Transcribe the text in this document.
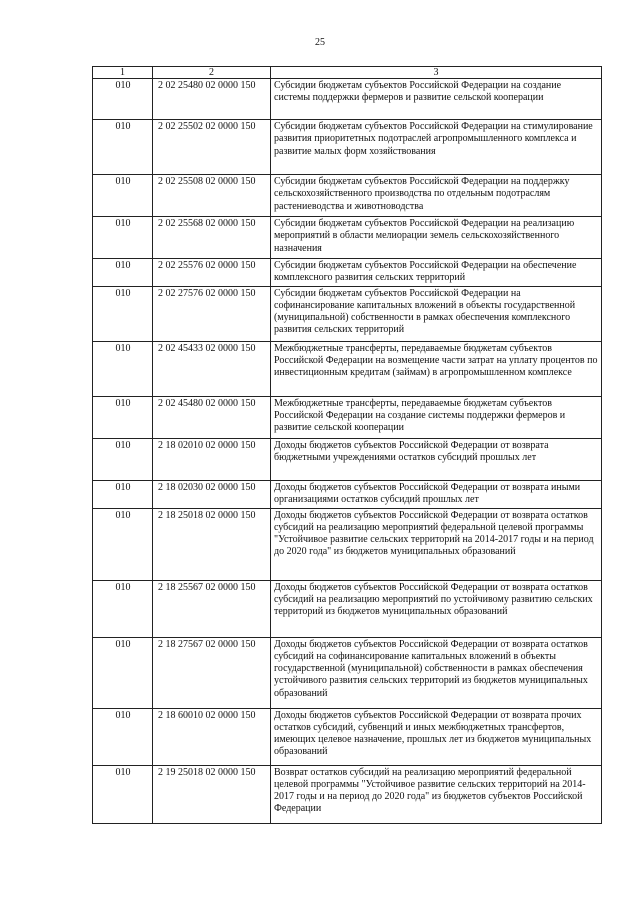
25
1	2	3
010	2 02 25480 02 0000 150	Субсидии бюджетам субъектов Российской Федерации на создание системы поддержки фермеров и развитие сельской кооперации
010	2 02 25502 02 0000 150	Субсидии бюджетам субъектов Российской Федерации на стимулирование развития приоритетных подотраслей агропромышленного комплекса и развитие малых форм хозяйствования
010	2 02 25508 02 0000 150	Субсидии бюджетам субъектов Российской Федерации на поддержку сельскохозяйственного производства по отдельным подотраслям растениеводства и животноводства
010	2 02 25568 02 0000 150	Субсидии бюджетам субъектов Российской Федерации на реализацию мероприятий в области мелиорации земель сельскохозяйственного назначения
010	2 02 25576 02 0000 150	Субсидии бюджетам субъектов Российской Федерации на обеспечение комплексного развития сельских территорий
010	2 02 27576 02 0000 150	Субсидии бюджетам субъектов Российской Федерации на софинансирование капитальных вложений в объекты государственной (муниципальной) собственности в рамках обеспечения комплексного развития сельских территорий
010	2 02 45433 02 0000 150	Межбюджетные трансферты, передаваемые бюджетам субъектов Российской Федерации на возмещение части затрат на уплату процентов по инвестиционным кредитам (займам) в агропромышленном комплексе
010	2 02 45480 02 0000 150	Межбюджетные трансферты, передаваемые бюджетам субъектов Российской Федерации на создание системы поддержки фермеров и развитие сельской кооперации
010	2 18 02010 02 0000 150	Доходы бюджетов субъектов Российской Федерации от возврата бюджетными учреждениями остатков субсидий прошлых лет
010	2 18 02030 02 0000 150	Доходы бюджетов субъектов Российской Федерации от возврата иными организациями остатков субсидий прошлых лет
010	2 18 25018 02 0000 150	Доходы бюджетов субъектов Российской Федерации от возврата остатков субсидий на реализацию мероприятий федеральной целевой программы "Устойчивое развитие сельских территорий на 2014-2017 годы и на период до 2020 года" из бюджетов муниципальных образований
010	2 18 25567 02 0000 150	Доходы бюджетов субъектов Российской Федерации от возврата остатков субсидий на реализацию мероприятий по устойчивому развитию сельских территорий из бюджетов муниципальных образований
010	2 18 27567 02 0000 150	Доходы бюджетов субъектов Российской Федерации от возврата остатков субсидий на софинансирование капитальных вложений в объекты государственной (муниципальной) собственности в рамках обеспечения устойчивого развития сельских территорий из бюджетов муниципальных образований
010	2 18 60010 02 0000 150	Доходы бюджетов субъектов Российской Федерации от возврата прочих остатков субсидий, субвенций и иных межбюджетных трансфертов, имеющих целевое назначение, прошлых лет из бюджетов муниципальных образований
010	2 19 25018 02 0000 150	Возврат остатков субсидий на реализацию мероприятий федеральной целевой программы "Устойчивое развитие сельских территорий на 2014-2017 годы и на период до 2020 года" из бюджетов субъектов Российской Федерации
